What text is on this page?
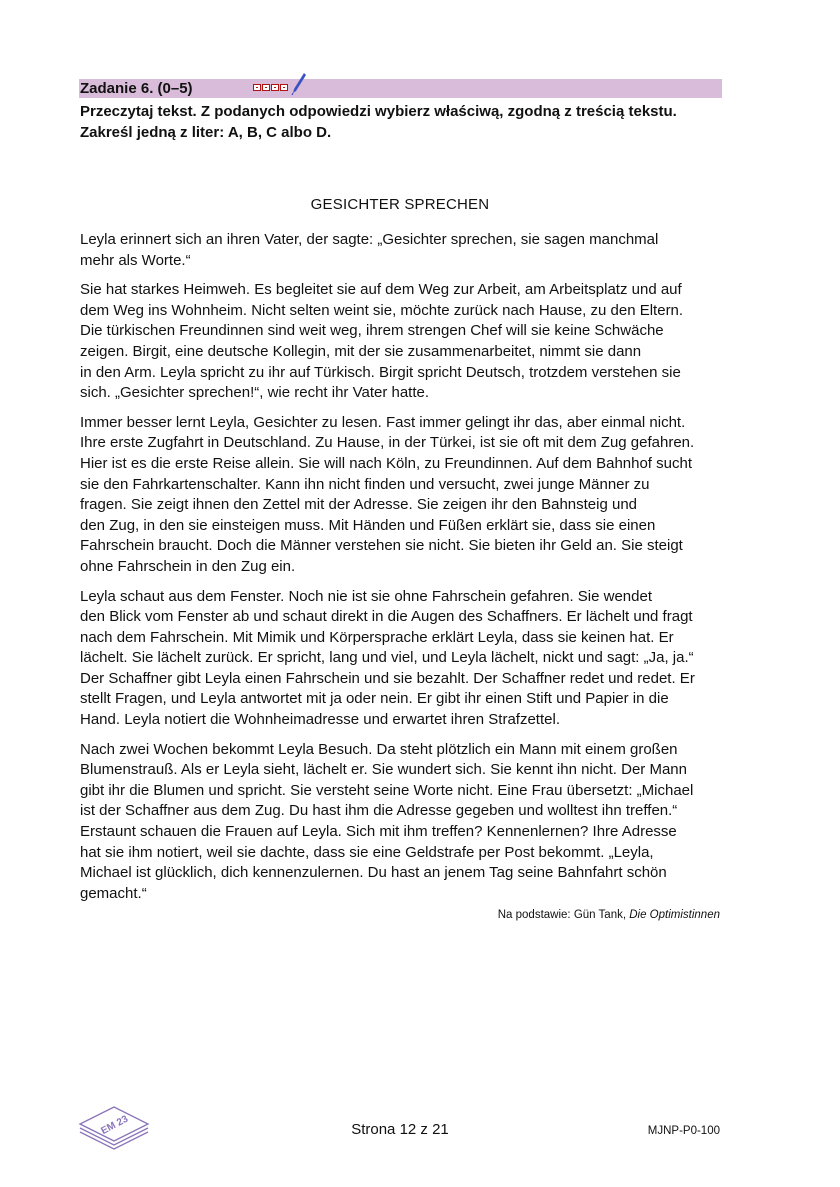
Zadanie 6. (0–5)
Przeczytaj tekst. Z podanych odpowiedzi wybierz właściwą, zgodną z treścią tekstu.
Zakreśl jedną z liter: A, B, C albo D.
GESICHTER SPRECHEN

Leyla erinnert sich an ihren Vater, der sagte: „Gesichter sprechen, sie sagen manchmal
mehr als Worte.“

Sie hat starkes Heimweh. Es begleitet sie auf dem Weg zur Arbeit, am Arbeitsplatz und auf
dem Weg ins Wohnheim. Nicht selten weint sie, möchte zurück nach Hause, zu den Eltern.
Die türkischen Freundinnen sind weit weg, ihrem strengen Chef will sie keine Schwäche
zeigen. Birgit, eine deutsche Kollegin, mit der sie zusammenarbeitet, nimmt sie dann
in den Arm. Leyla spricht zu ihr auf Türkisch. Birgit spricht Deutsch, trotzdem verstehen sie
sich. „Gesichter sprechen!“, wie recht ihr Vater hatte.

Immer besser lernt Leyla, Gesichter zu lesen. Fast immer gelingt ihr das, aber einmal nicht.
Ihre erste Zugfahrt in Deutschland. Zu Hause, in der Türkei, ist sie oft mit dem Zug gefahren.
Hier ist es die erste Reise allein. Sie will nach Köln, zu Freundinnen. Auf dem Bahnhof sucht
sie den Fahrkartenschalter. Kann ihn nicht finden und versucht, zwei junge Männer zu
fragen. Sie zeigt ihnen den Zettel mit der Adresse. Sie zeigen ihr den Bahnsteig und
den Zug, in den sie einsteigen muss. Mit Händen und Füßen erklärt sie, dass sie einen
Fahrschein braucht. Doch die Männer verstehen sie nicht. Sie bieten ihr Geld an. Sie steigt
ohne Fahrschein in den Zug ein.

Leyla schaut aus dem Fenster. Noch nie ist sie ohne Fahrschein gefahren. Sie wendet
den Blick vom Fenster ab und schaut direkt in die Augen des Schaffners. Er lächelt und fragt
nach dem Fahrschein. Mit Mimik und Körpersprache erklärt Leyla, dass sie keinen hat. Er
lächelt. Sie lächelt zurück. Er spricht, lang und viel, und Leyla lächelt, nickt und sagt: „Ja, ja.“
Der Schaffner gibt Leyla einen Fahrschein und sie bezahlt. Der Schaffner redet und redet. Er
stellt Fragen, und Leyla antwortet mit ja oder nein. Er gibt ihr einen Stift und Papier in die
Hand. Leyla notiert die Wohnheimadresse und erwartet ihren Strafzettel.

Nach zwei Wochen bekommt Leyla Besuch. Da steht plötzlich ein Mann mit einem großen
Blumenstrauß. Als er Leyla sieht, lächelt er. Sie wundert sich. Sie kennt ihn nicht. Der Mann
gibt ihr die Blumen und spricht. Sie versteht seine Worte nicht. Eine Frau übersetzt: „Michael
ist der Schaffner aus dem Zug. Du hast ihm die Adresse gegeben und wolltest ihn treffen.“
Erstaunt schauen die Frauen auf Leyla. Sich mit ihm treffen? Kennenlernen? Ihre Adresse
hat sie ihm notiert, weil sie dachte, dass sie eine Geldstrafe per Post bekommt. „Leyla,
Michael ist glücklich, dich kennenzulernen. Du hast an jenem Tag seine Bahnfahrt schön
gemacht.“

Na podstawie: Gün Tank, Die Optimistinnen
EM 23	Strona 12 z 21	MJNP-P0-100
